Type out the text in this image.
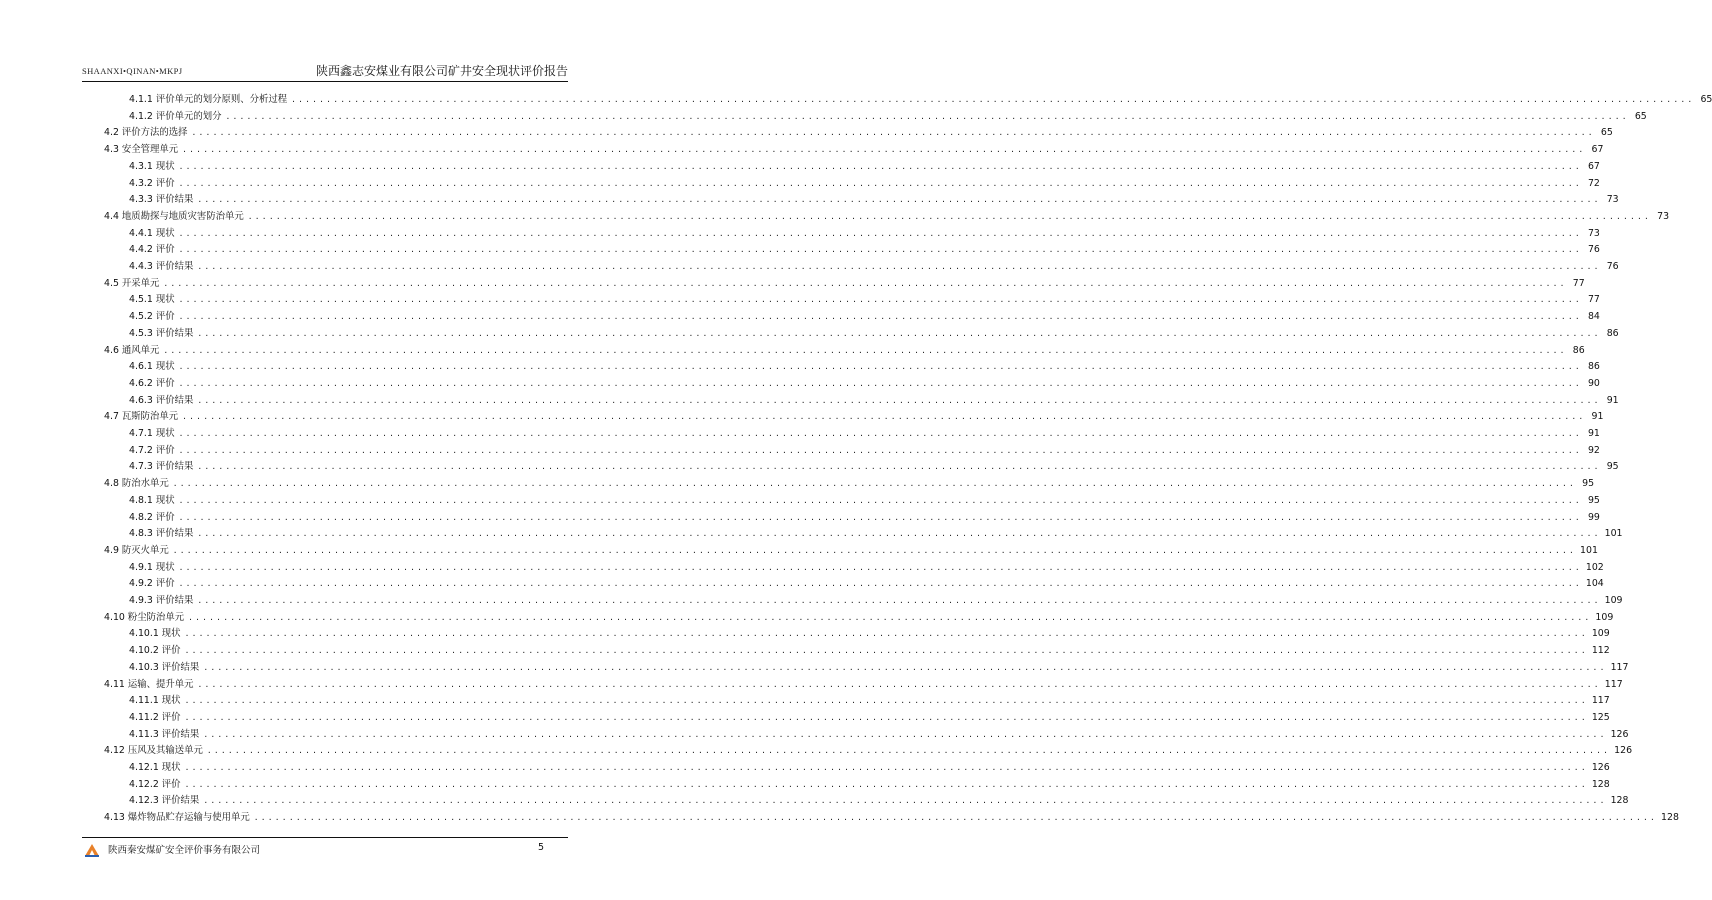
SHAANXI•QINAN•MKPJ	陕西鑫志安煤业有限公司矿井安全现状评价报告
4.1.1 评价单元的划分原则、分析过程 ........................................................................................................................................................................................................ 65
4.1.2 评价单元的划分 ........................................................................................................................................................................................................ 65
4.2 评价方法的选择 ........................................................................................................................................................................................................ 65
4.3 安全管理单元 ........................................................................................................................................................................................................ 67
4.3.1 现状 ........................................................................................................................................................................................................ 67
4.3.2 评价 ........................................................................................................................................................................................................ 72
4.3.3 评价结果 ........................................................................................................................................................................................................ 73
4.4 地质勘探与地质灾害防治单元 ........................................................................................................................................................................................................ 73
4.4.1 现状 ........................................................................................................................................................................................................ 73
4.4.2 评价 ........................................................................................................................................................................................................ 76
4.4.3 评价结果 ........................................................................................................................................................................................................ 76
4.5 开采单元 ........................................................................................................................................................................................................ 77
4.5.1 现状 ........................................................................................................................................................................................................ 77
4.5.2 评价 ........................................................................................................................................................................................................ 84
4.5.3 评价结果 ........................................................................................................................................................................................................ 86
4.6 通风单元 ........................................................................................................................................................................................................ 86
4.6.1 现状 ........................................................................................................................................................................................................ 86
4.6.2 评价 ........................................................................................................................................................................................................ 90
4.6.3 评价结果 ........................................................................................................................................................................................................ 91
4.7 瓦斯防治单元 ........................................................................................................................................................................................................ 91
4.7.1 现状 ........................................................................................................................................................................................................ 91
4.7.2 评价 ........................................................................................................................................................................................................ 92
4.7.3 评价结果 ........................................................................................................................................................................................................ 95
4.8 防治水单元 ........................................................................................................................................................................................................ 95
4.8.1 现状 ........................................................................................................................................................................................................ 95
4.8.2 评价 ........................................................................................................................................................................................................ 99
4.8.3 评价结果 ........................................................................................................................................................................................................ 101
4.9 防灭火单元 ........................................................................................................................................................................................................ 101
4.9.1 现状 ........................................................................................................................................................................................................ 102
4.9.2 评价 ........................................................................................................................................................................................................ 104
4.9.3 评价结果 ........................................................................................................................................................................................................ 109
4.10 粉尘防治单元 ........................................................................................................................................................................................................ 109
4.10.1 现状 ........................................................................................................................................................................................................ 109
4.10.2 评价 ........................................................................................................................................................................................................ 112
4.10.3 评价结果 ........................................................................................................................................................................................................ 117
4.11 运输、提升单元 ........................................................................................................................................................................................................ 117
4.11.1 现状 ........................................................................................................................................................................................................ 117
4.11.2 评价 ........................................................................................................................................................................................................ 125
4.11.3 评价结果 ........................................................................................................................................................................................................ 126
4.12 压风及其输送单元 ........................................................................................................................................................................................................ 126
4.12.1 现状 ........................................................................................................................................................................................................ 126
4.12.2 评价 ........................................................................................................................................................................................................ 128
4.12.3 评价结果 ........................................................................................................................................................................................................ 128
4.13 爆炸物品贮存运输与使用单元 ........................................................................................................................................................................................................ 128
陕西秦安煤矿安全评价事务有限公司	5
